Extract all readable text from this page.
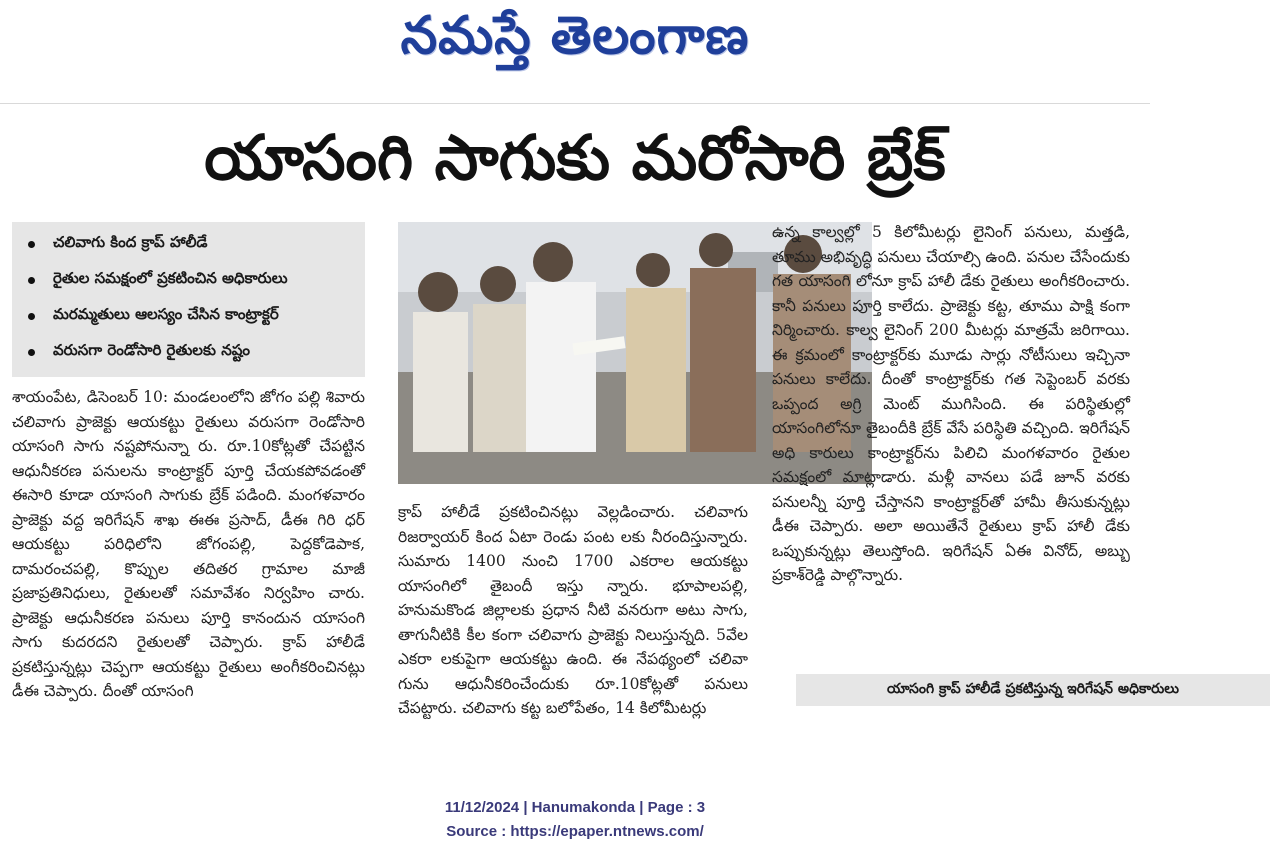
నమస్తే తెలంగాణ
యాసంగి సాగుకు మరోసారి బ్రేక్
చలివాగు కింద క్రాప్ హాలీడే
రైతుల సమక్షంలో ప్రకటించిన అధికారులు
మరమ్మతులు ఆలస్యం చేసిన కాంట్రాక్టర్
వరుసగా రెండోసారి రైతులకు నష్టం

శాయంపేట, డిసెంబర్ 10: మండలంలోని జోగం పల్లి శివారు చలివాగు ప్రాజెక్టు ఆయకట్టు రైతులు వరుసగా రెండోసారి యాసంగి సాగు నష్టపోనున్నా రు. రూ.10కోట్లతో చేపట్టిన ఆధునీకరణ పనులను కాంట్రాక్టర్ పూర్తి చేయకపోవడంతో ఈసారి కూడా యాసంగి సాగుకు బ్రేక్ పడింది. మంగళవారం ప్రాజెక్టు వద్ద ఇరిగేషన్ శాఖ ఈఈ ప్రసాద్, డీఈ గిరి ధర్ ఆయకట్టు పరిధిలోని జోగంపల్లి, పెద్దకోడెపాక, దామరంచపల్లి, కొప్పుల తదితర గ్రామాల మాజీ ప్రజాప్రతినిధులు, రైతులతో సమావేశం నిర్వహిం చారు. ప్రాజెక్టు ఆధునీకరణ పనులు పూర్తి కానందున యాసంగి సాగు కుదరదని రైతులతో చెప్పారు. క్రాప్ హాలీడే ప్రకటిస్తున్నట్లు చెప్పగా ఆయకట్టు రైతులు అంగీకరించినట్లు డీఈ చెప్పారు. దీంతో యాసంగి	యాసంగి క్రాప్ హాలీడే ప్రకటిస్తున్న ఇరిగేషన్ అధికారులు

క్రాప్ హాలీడే ప్రకటించినట్లు వెల్లడించారు. చలివాగు రిజర్వాయర్ కింద ఏటా రెండు పంట లకు నీరందిస్తున్నారు. సుమారు 1400 నుంచి 1700 ఎకరాల ఆయకట్టు యాసంగిలో తైబందీ ఇస్తు న్నారు. భూపాలపల్లి, హనుమకొండ జిల్లాలకు ప్రధాన నీటి వనరుగా అటు సాగు, తాగునీటికి కీల కంగా చలివాగు ప్రాజెక్టు నిలుస్తున్నది. 5వేల ఎకరా లకుపైగా ఆయకట్టు ఉంది. ఈ నేపథ్యంలో చలివా గును ఆధునీకరించేందుకు రూ.10కోట్లతో పనులు చేపట్టారు. చలివాగు కట్ట బలోపేతం, 14 కిలోమీటర్లు

ఉన్న కాల్వల్లో 5 కిలోమీటర్లు లైనింగ్ పనులు, మత్తడి, తూము అభివృద్ధి పనులు చేయాల్సి ఉంది. పనుల చేసేందుకు గత యాసంగి లోనూ క్రాప్ హాలీ డేకు రైతులు అంగీకరించారు. కానీ పనులు పూర్తి కాలేదు. ప్రాజెక్టు కట్ట, తూము పాక్షి కంగా నిర్మించారు. కాల్వ లైనింగ్ 200 మీటర్లు మాత్రమే జరిగాయి. ఈ క్రమంలో కాంట్రాక్టర్‌కు మూడు సార్లు నోటీసులు ఇచ్చినా పనులు కాలేదు. దీంతో కాంట్రాక్టర్‌కు గత సెప్టెంబర్ వరకు ఒప్పంద అగ్రి మెంట్ ముగిసింది. ఈ పరిస్థితుల్లో యాసంగిలోనూ తైబందీకి బ్రేక్ వేసే పరిస్థితి వచ్చింది. ఇరిగేషన్ అధి కారులు కాంట్రాక్టర్‌ను పిలిచి మంగళవారం రైతుల సమక్షంలో మాట్లాడారు. మళ్లీ వానలు పడే జూన్ వరకు పనులన్నీ పూర్తి చేస్తానని కాంట్రాక్టర్‌తో హామీ తీసుకున్నట్లు డీఈ చెప్పారు. అలా అయితేనే రైతులు క్రాప్ హాలీ డేకు ఒప్పుకున్నట్లు తెలుస్తోంది. ఇరిగేషన్ ఏఈ వినోద్, అబ్బు ప్రకాశ్‌రెడ్డి పాల్గొన్నారు.

11/12/2024 | Hanumakonda | Page : 3
Source : https://epaper.ntnews.com/
